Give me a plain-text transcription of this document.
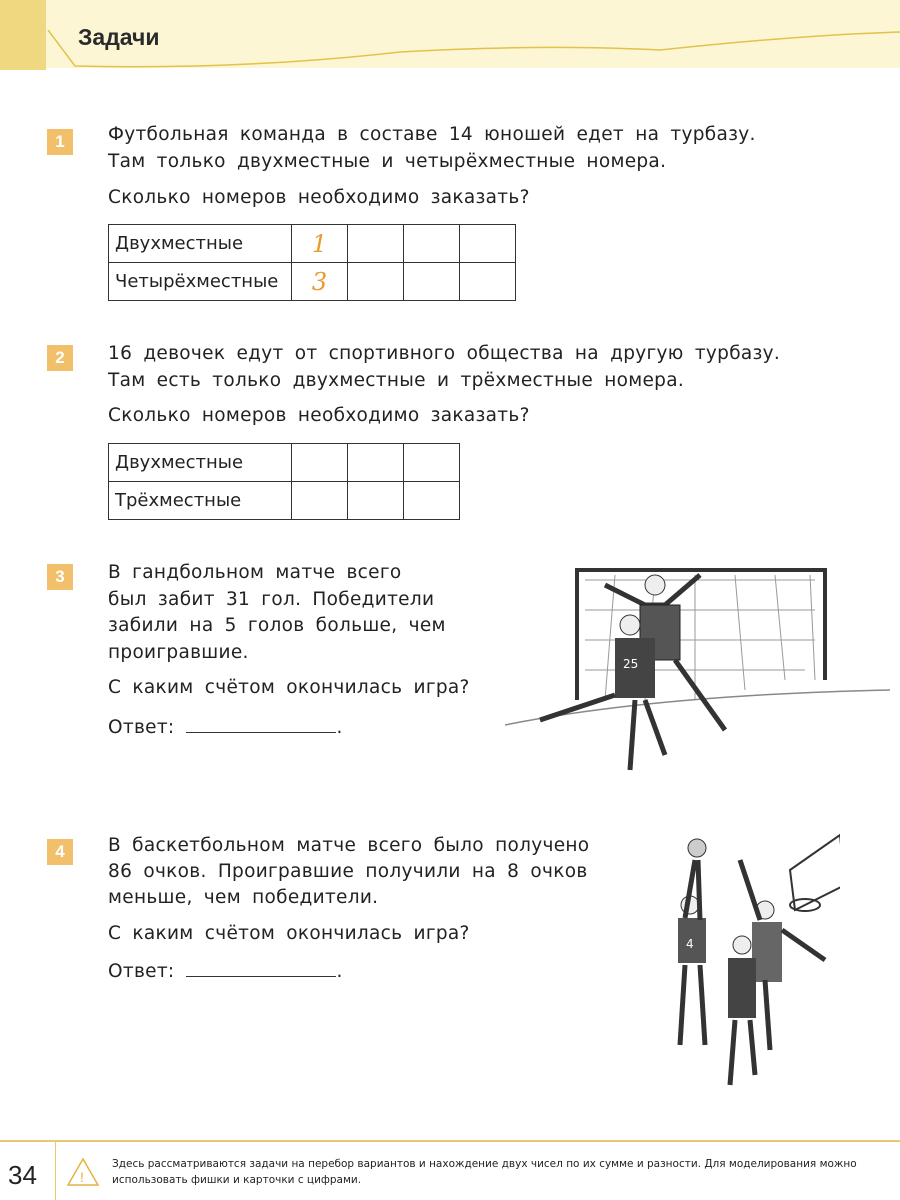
Задачи
1	Футбольная команда в составе 14 юношей едет на турбазу.
Там только двухместные и четырёхместные номера.
Сколько номеров необходимо заказать?
Двухместные	1			
Четырёхместные	3			
2	16 девочек едут от спортивного общества на другую турбазу.
Там есть только двухместные и трёхместные номера.
Сколько номеров необходимо заказать?
Двухместные			
Трёхместные			
3	В гандбольном матче всего
был забит 31 гол. Победители
забили на 5 голов больше, чем
проигравшие.
С каким счётом окончилась игра?
Ответ:	.
25
4	В баскетбольном матче всего было получено
86 очков. Проигравшие получили на 8 очков
меньше, чем победители.
С каким счётом окончилась игра?
Ответ:	.
4
34	!
Здесь рассматриваются задачи на перебор вариантов и нахождение двух чисел по их сумме и разности. Для моделирования можно использовать фишки и карточки с цифрами.
